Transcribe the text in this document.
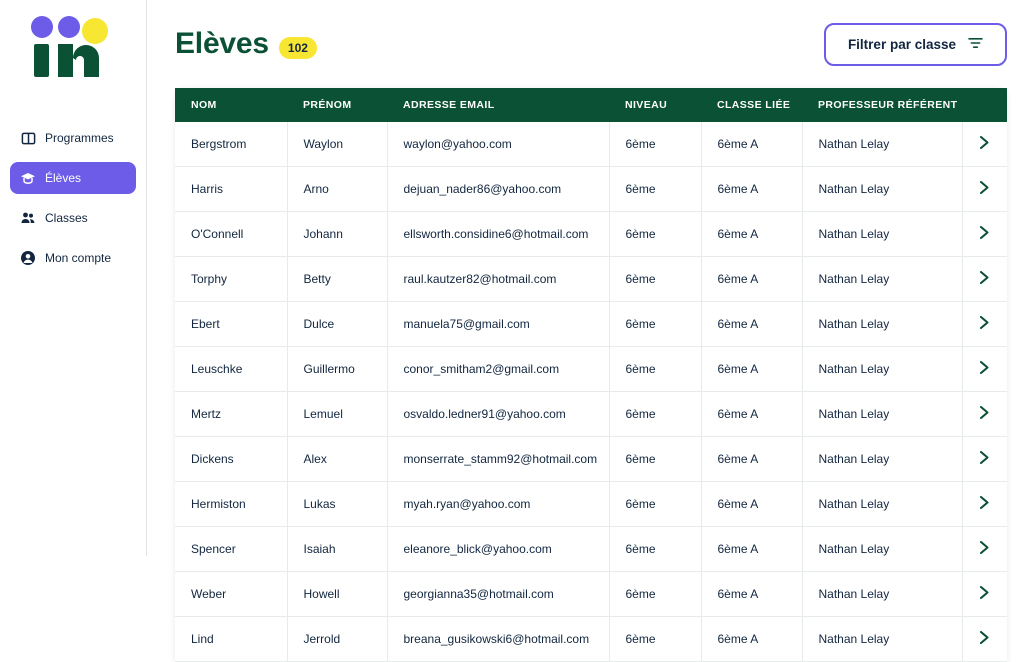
Programmes
Élèves
Classes
Mon compte
Elèves	102	Filtrer par classe
NOM	PRÉNOM	ADRESSE EMAIL	NIVEAU	CLASSE LIÉE	PROFESSEUR RÉFÉRENT	
Bergstrom	Waylon	waylon@yahoo.com	6ème	6ème A	Nathan Lelay	
Harris	Arno	dejuan_nader86@yahoo.com	6ème	6ème A	Nathan Lelay	
O'Connell	Johann	ellsworth.considine6@hotmail.com	6ème	6ème A	Nathan Lelay	
Torphy	Betty	raul.kautzer82@hotmail.com	6ème	6ème A	Nathan Lelay	
Ebert	Dulce	manuela75@gmail.com	6ème	6ème A	Nathan Lelay	
Leuschke	Guillermo	conor_smitham2@gmail.com	6ème	6ème A	Nathan Lelay	
Mertz	Lemuel	osvaldo.ledner91@yahoo.com	6ème	6ème A	Nathan Lelay	
Dickens	Alex	monserrate_stamm92@hotmail.com	6ème	6ème A	Nathan Lelay	
Hermiston	Lukas	myah.ryan@yahoo.com	6ème	6ème A	Nathan Lelay	
Spencer	Isaiah	eleanore_blick@yahoo.com	6ème	6ème A	Nathan Lelay	
Weber	Howell	georgianna35@hotmail.com	6ème	6ème A	Nathan Lelay	
Lind	Jerrold	breana_gusikowski6@hotmail.com	6ème	6ème A	Nathan Lelay	
